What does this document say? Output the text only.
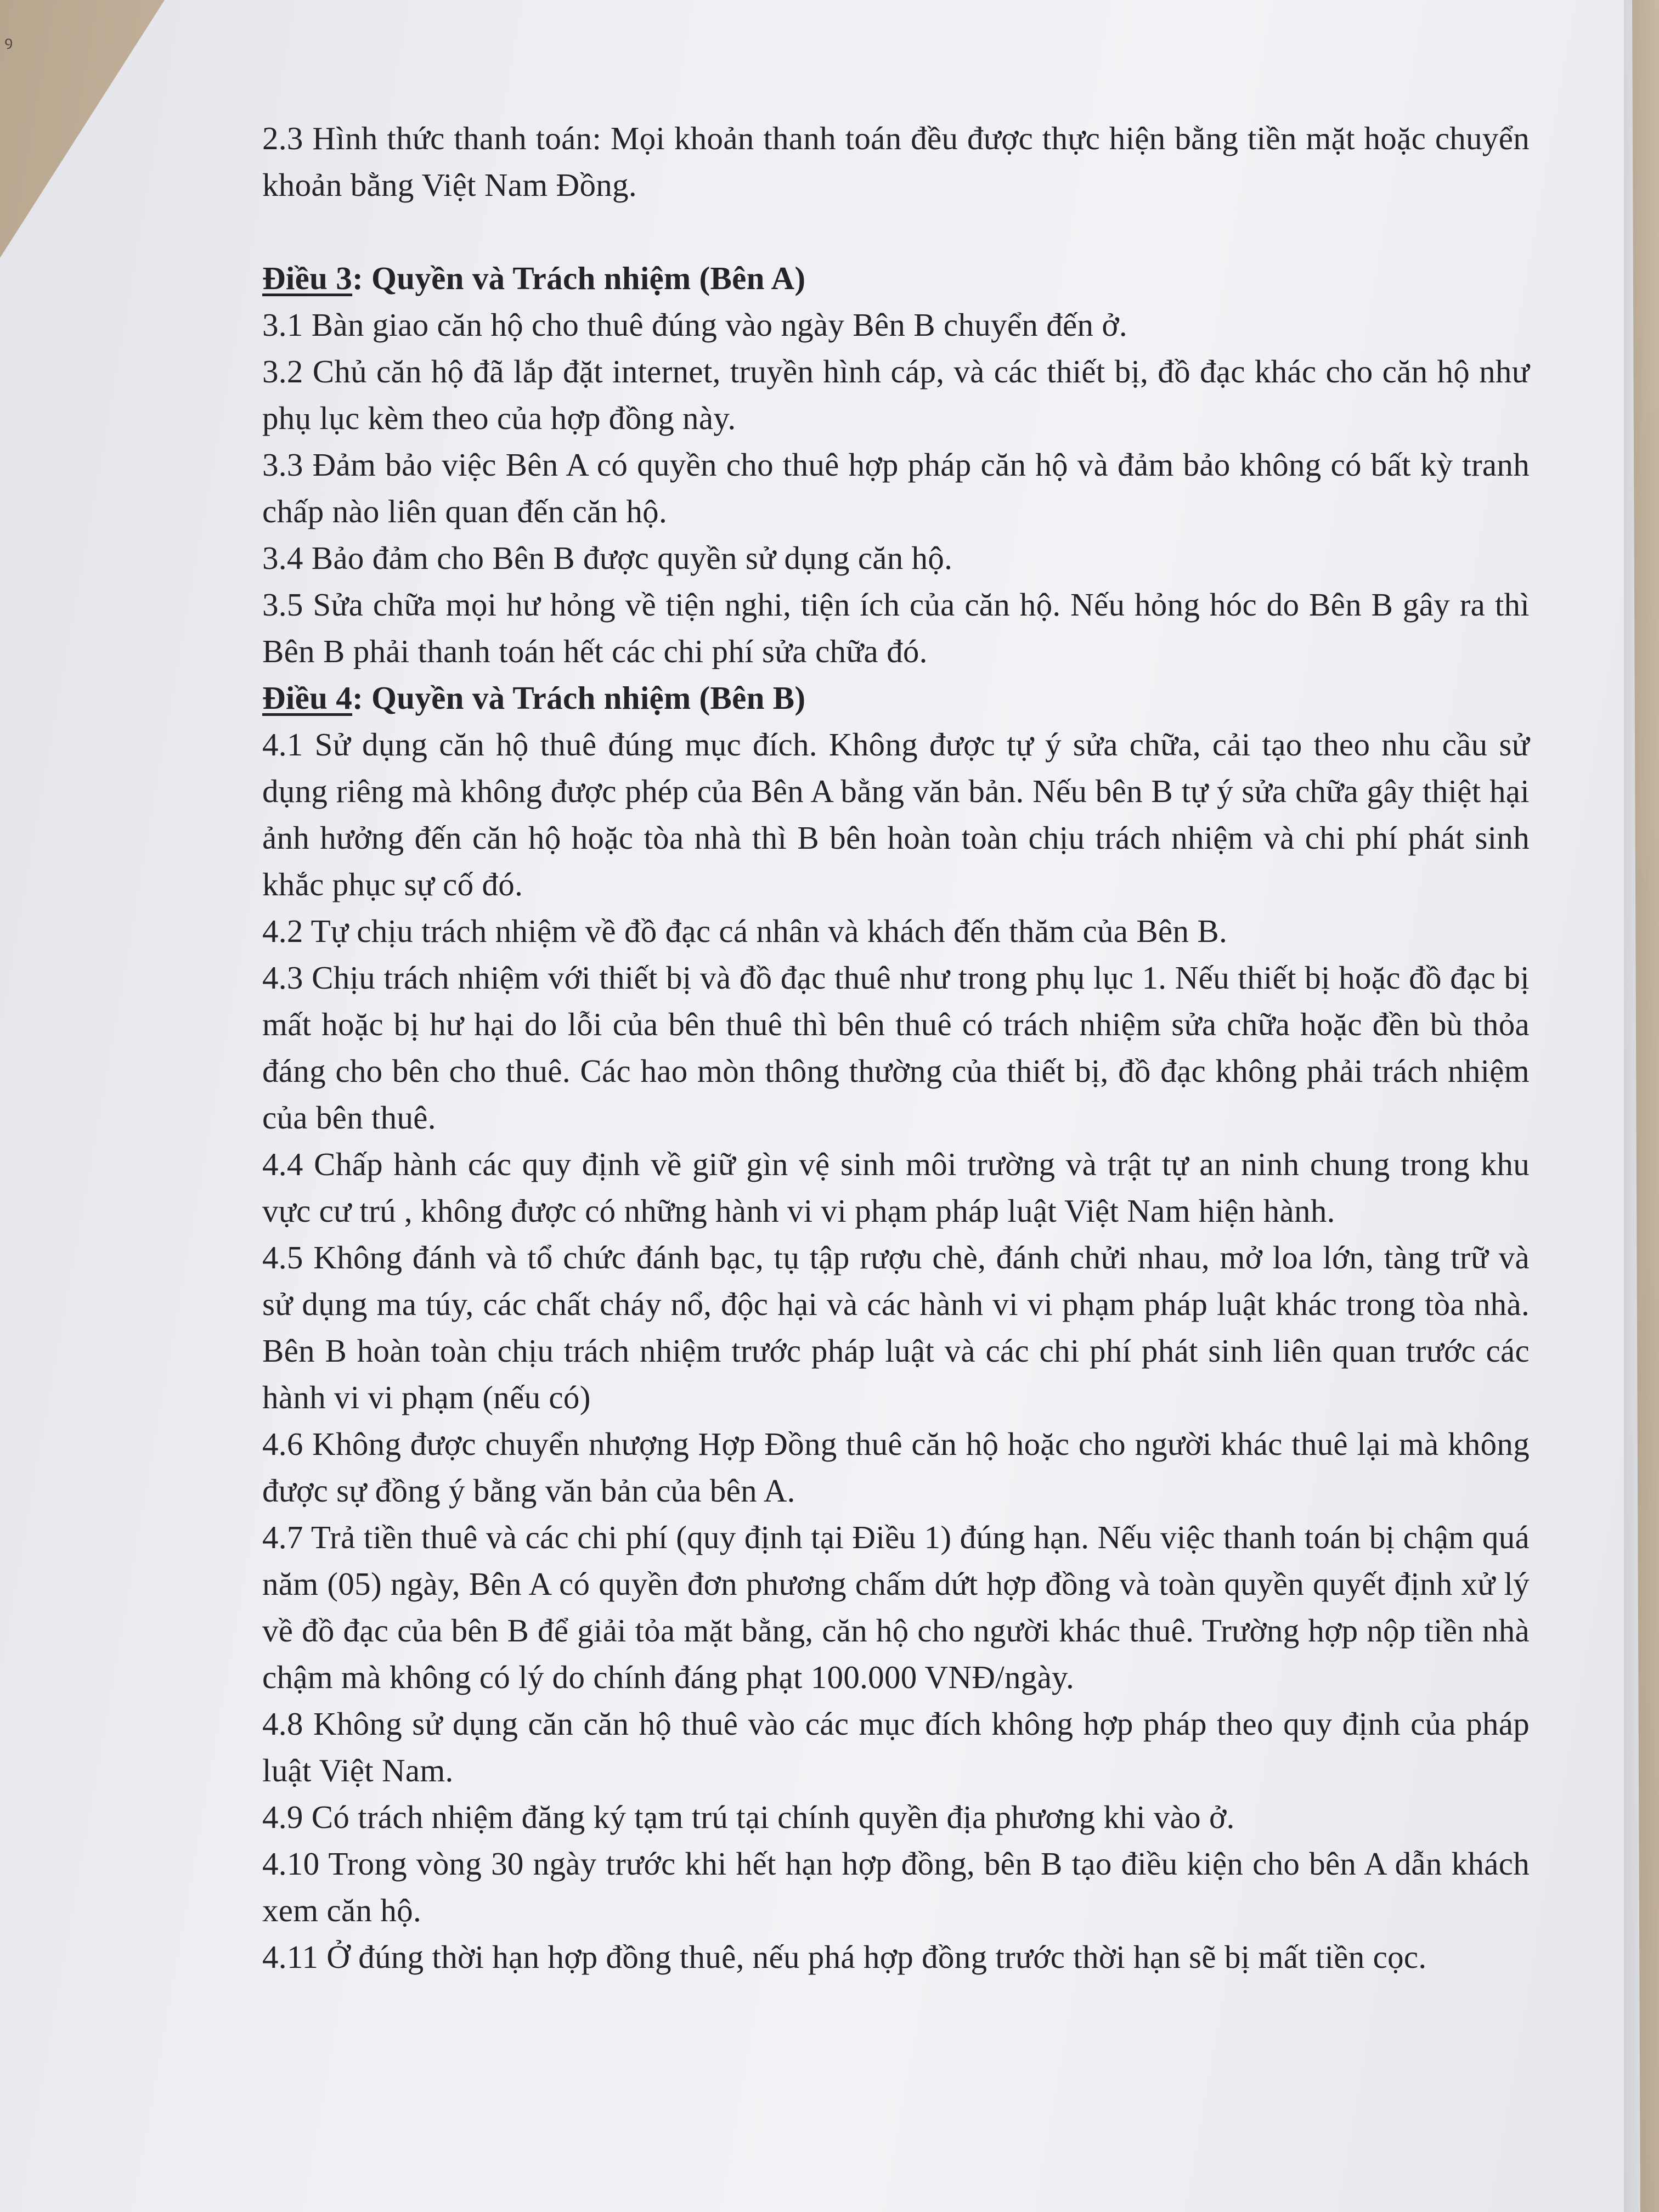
ꝰ

2.3 Hình thức thanh toán: Mọi khoản thanh toán đều được thực hiện bằng tiền mặt hoặc chuyển khoản bằng Việt Nam Đồng.

Điều 3: Quyền và Trách nhiệm (Bên A)

3.1 Bàn giao căn hộ cho thuê đúng vào ngày Bên B chuyển đến ở.

3.2 Chủ căn hộ đã lắp đặt internet, truyền hình cáp, và các thiết bị, đồ đạc khác cho căn hộ như phụ lục kèm theo của hợp đồng này.

3.3 Đảm bảo việc Bên A có quyền cho thuê hợp pháp căn hộ và đảm bảo không có bất kỳ tranh chấp nào liên quan đến căn hộ.

3.4 Bảo đảm cho Bên B được quyền sử dụng căn hộ.

3.5 Sửa chữa mọi hư hỏng về tiện nghi, tiện ích của căn hộ. Nếu hỏng hóc do Bên B gây ra thì Bên B phải thanh toán hết các chi phí sửa chữa đó.

Điều 4: Quyền và Trách nhiệm (Bên B)

4.1 Sử dụng căn hộ thuê đúng mục đích. Không được tự ý sửa chữa, cải tạo theo nhu cầu sử dụng riêng mà không được phép của Bên A bằng văn bản. Nếu bên B tự ý sửa chữa gây thiệt hại ảnh hưởng đến căn hộ hoặc tòa nhà thì B bên hoàn toàn chịu trách nhiệm và chi phí phát sinh khắc phục sự cố đó.

4.2 Tự chịu trách nhiệm về đồ đạc cá nhân và khách đến thăm của Bên B.

4.3 Chịu trách nhiệm với thiết bị và đồ đạc thuê như trong phụ lục 1. Nếu thiết bị hoặc đồ đạc bị mất hoặc bị hư hại do lỗi của bên thuê thì bên thuê có trách nhiệm sửa chữa hoặc đền bù thỏa đáng cho bên cho thuê. Các hao mòn thông thường của thiết bị, đồ đạc không phải trách nhiệm của bên thuê.

4.4 Chấp hành các quy định về giữ gìn vệ sinh môi trường và trật tự an ninh chung trong khu vực cư trú , không được có những hành vi vi phạm pháp luật Việt Nam hiện hành.

4.5 Không đánh và tổ chức đánh bạc, tụ tập rượu chè, đánh chửi nhau, mở loa lớn, tàng trữ và sử dụng ma túy, các chất cháy nổ, độc hại và các hành vi vi phạm pháp luật khác trong tòa nhà. Bên B hoàn toàn chịu trách nhiệm trước pháp luật và các chi phí phát sinh liên quan trước các hành vi vi phạm (nếu có)

4.6 Không được chuyển nhượng Hợp Đồng thuê căn hộ hoặc cho người khác thuê lại mà không được sự đồng ý bằng văn bản của bên A.

4.7 Trả tiền thuê và các chi phí (quy định tại Điều 1) đúng hạn. Nếu việc thanh toán bị chậm quá năm (05) ngày, Bên A có quyền đơn phương chấm dứt hợp đồng và toàn quyền quyết định xử lý về đồ đạc của bên B để giải tỏa mặt bằng, căn hộ cho người khác thuê. Trường hợp nộp tiền nhà chậm mà không có lý do chính đáng phạt 100.000 VNĐ/ngày.

4.8 Không sử dụng căn căn hộ thuê vào các mục đích không hợp pháp theo quy định của pháp luật Việt Nam.

4.9 Có trách nhiệm đăng ký tạm trú tại chính quyền địa phương khi vào ở.

4.10 Trong vòng 30 ngày trước khi hết hạn hợp đồng, bên B tạo điều kiện cho bên A dẫn khách xem căn hộ.

4.11 Ở đúng thời hạn hợp đồng thuê, nếu phá hợp đồng trước thời hạn sẽ bị mất tiền cọc.
